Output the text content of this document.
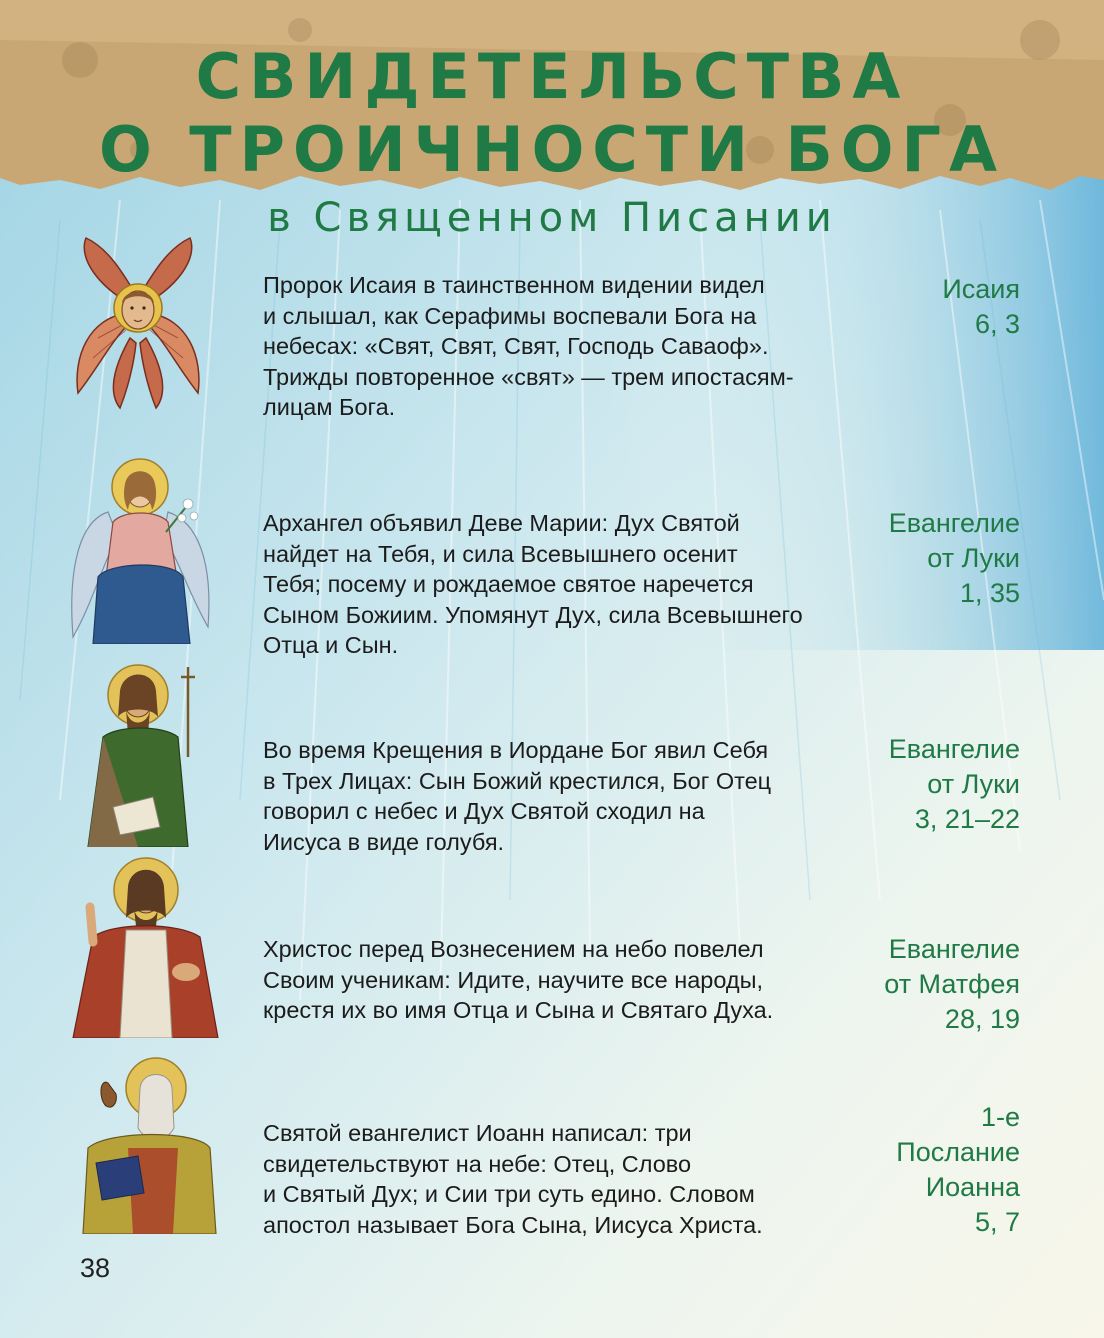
СВИДЕТЕЛЬСТВА
О ТРОИЧНОСТИ БОГА
в Священном Писании
Пророк Исаия в таинственном видении видел
и слышал, как Серафимы воспевали Бога на
небесах: «Свят, Свят, Свят, Господь Саваоф».
Трижды повторенное «свят» — трем ипостасям-
лицам Бога.
Исаия
6, 3
Архангел объявил Деве Марии: Дух Святой
найдет на Тебя, и сила Всевышнего осенит
Тебя; посему и рождаемое святое наречется
Сыном Божиим. Упомянут Дух, сила Всевышнего
Отца и Сын.
Евангелие
от Луки
1, 35
Во время Крещения в Иордане Бог явил Себя
в Трех Лицах: Сын Божий крестился, Бог Отец
говорил с небес и Дух Святой сходил на
Иисуса в виде голубя.
Евангелие
от Луки
3, 21–22
Христос перед Вознесением на небо повелел
Своим ученикам: Идите, научите все народы,
крестя их во имя Отца и Сына и Святаго Духа.
Евангелие
от Матфея
28, 19
Святой евангелист Иоанн написал: три
свидетельствуют на небе: Отец, Слово
и Святый Дух; и Сии три суть едино. Словом
апостол называет Бога Сына, Иисуса Христа.
1-е
Послание
Иоанна
5, 7
38
